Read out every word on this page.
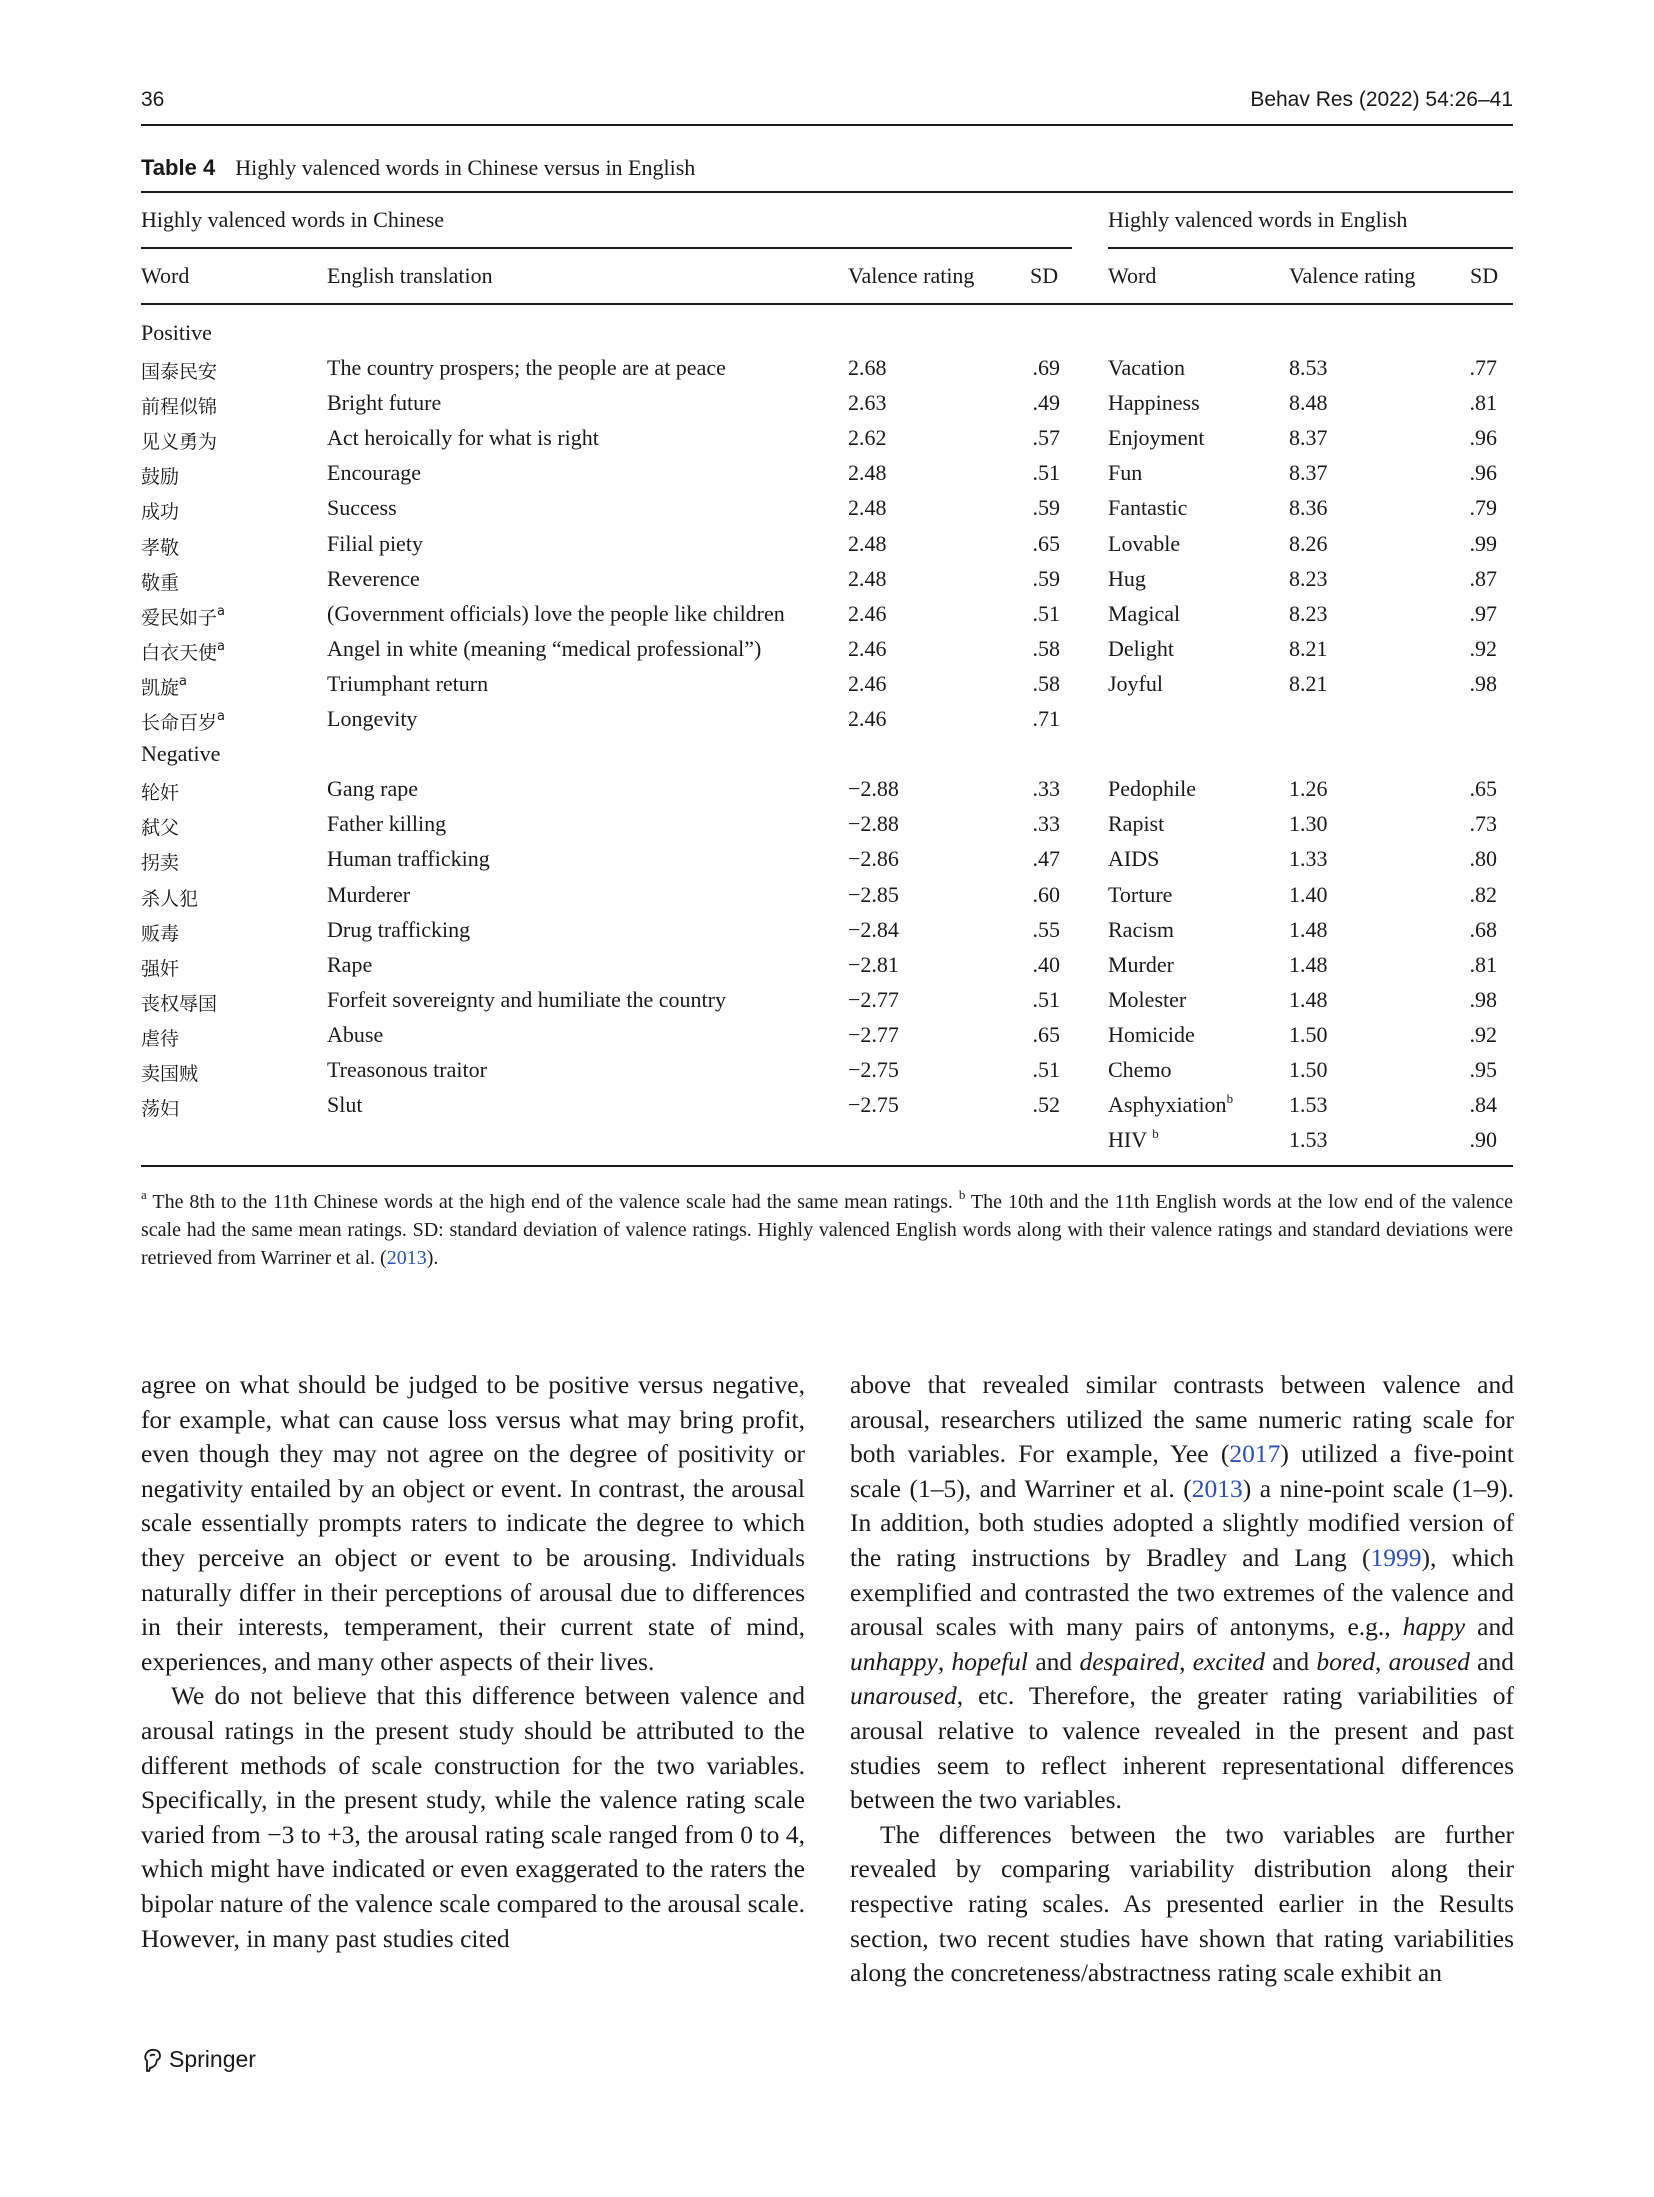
36	Behav Res (2022) 54:26–41
Table 4 Highly valenced words in Chinese versus in English
Highly valenced words in Chinese	Highly valenced words in English
Word	English translation	Valence rating	SD Word	Valence rating SD
Positive
国泰民安	The country prospers; the people are at peace	2.68	.69 Vacation	8.53	.77
前程似锦	Bright future	2.63	.49 Happiness	8.48	.81
见义勇为	Act heroically for what is right	2.62	.57 Enjoyment	8.37	.96
鼓励	Encourage	2.48	.51 Fun	8.37	.96
成功	Success	2.48	.59 Fantastic	8.36	.79
孝敬	Filial piety	2.48	.65 Lovable	8.26	.99
敬重	Reverence	2.48	.59 Hug	8.23	.87
爱民如子$^a$	(Government officials) love the people like children	2.46	.51 Magical	8.23	.97
白衣天使$^a$	Angel in white (meaning “medical professional”)	2.46	.58 Delight	8.21	.92
凯旋$^a$	Triumphant return	2.46	.58 Joyful	8.21	.98
长命百岁$^a$	Longevity	2.46	.71
Negative
轮奸	Gang rape	−2.88	.33 Pedophile	1.26	.65
弑父	Father killing	−2.88	.33 Rapist	1.30	.73
拐卖	Human trafficking	−2.86	.47 AIDS	1.33	.80
杀人犯	Murderer	−2.85	.60 Torture	1.40	.82
贩毒	Drug trafficking	−2.84	.55 Racism	1.48	.68
强奸	Rape	−2.81	.40 Murder	1.48	.81
丧权辱国	Forfeit sovereignty and humiliate the country	−2.77	.51 Molester	1.48	.98
虐待	Abuse	−2.77	.65 Homicide	1.50	.92
卖国贼	Treasonous traitor	−2.75	.51 Chemo	1.50	.95
荡妇	Slut	−2.75	.52 Asphyxiation$^b$	1.53	.84
HIV $^b$	1.53	.90
$^a$ The 8th to the 11th Chinese words at the high end of the valence scale had the same mean ratings. $^b$ The 10th and the 11th English words at the low end of the valence scale had the same mean ratings. SD: standard deviation of valence ratings. Highly valenced English words along with their valence ratings and standard deviations were retrieved from Warriner et al. (2013).

agree on what should be judged to be positive versus negative, for example, what can cause loss versus what may bring profit, even though they may not agree on the degree of positivity or negativity entailed by an object or event. In contrast, the arousal scale essentially prompts raters to indicate the degree to which they perceive an object or event to be arousing. Individuals naturally differ in their perceptions of arousal due to differences in their interests, temperament, their current state of mind, experiences, and many other aspects of their lives.

We do not believe that this difference between valence and arousal ratings in the present study should be attributed to the different methods of scale construction for the two variables. Specifically, in the present study, while the valence rating scale varied from −3 to +3, the arousal rating scale ranged from 0 to 4, which might have indicated or even exaggerated to the raters the bipolar nature of the valence scale compared to the arousal scale. However, in many past studies cited

above that revealed similar contrasts between valence and arousal, researchers utilized the same numeric rating scale for both variables. For example, Yee (2017) utilized a five-point scale (1–5), and Warriner et al. (2013) a nine-point scale (1–9). In addition, both studies adopted a slightly modified version of the rating instructions by Bradley and Lang (1999), which exemplified and contrasted the two extremes of the valence and arousal scales with many pairs of antonyms, e.g., happy and unhappy, hopeful and despaired, excited and bored, aroused and unaroused, etc. Therefore, the greater rating variabilities of arousal relative to valence revealed in the present and past studies seem to reflect inherent representational differences between the two variables.

The differences between the two variables are further revealed by comparing variability distribution along their respective rating scales. As presented earlier in the Results section, two recent studies have shown that rating variabilities along the concreteness/abstractness rating scale exhibit an

Springer
